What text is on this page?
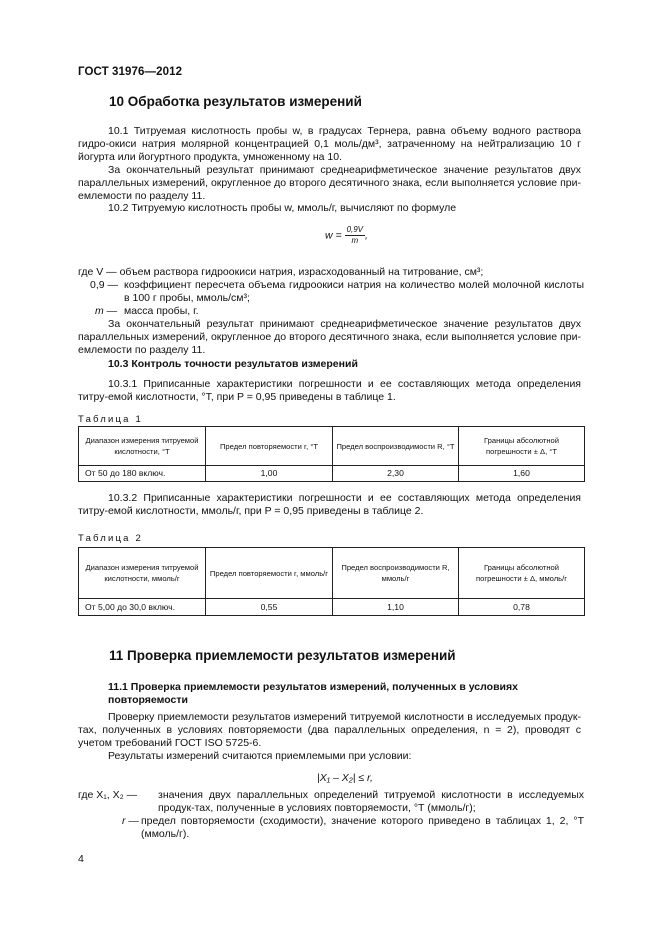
ГОСТ 31976—2012
10 Обработка результатов измерений
10.1 Титруемая кислотность пробы w, в градусах Тернера, равна объему водного раствора гидро-окиси натрия молярной концентрацией 0,1 моль/дм³, затраченному на нейтрализацию 10 г йогурта или йогуртного продукта, умноженному на 10.
За окончательный результат принимают среднеарифметическое значение результатов двух параллельных измерений, округленное до второго десятичного знака, если выполняется условие при-емлемости по разделу 11.
10.2 Титруемую кислотность пробы w, ммоль/г, вычисляют по формуле
$w = \frac{0,9V}{m}$ ,
где V — объем раствора гидроокиси натрия, израсходованный на титрование, см³;
0,9 — коэффициент пересчета объема гидроокиси натрия на количество молей молочной кислоты в 100 г пробы, ммоль/см³;
m — масса пробы, г.
За окончательный результат принимают среднеарифметическое значение результатов двух параллельных измерений, округленное до второго десятичного знака, если выполняется условие при-емлемости по разделу 11.
10.3 Контроль точности результатов измерений
10.3.1 Приписанные характеристики погрешности и ее составляющих метода определения титру-емой кислотности, °Т, при P = 0,95 приведены в таблице 1.
Таблица 1
Диапазон измерения титруемой кислотности, °Т	Предел повторяемости r, °Т	Предел воспроизводимости R, °Т	Границы абсолютной погрешности ± Δ, °Т
От 50 до 180 включ.	1,00	2,30	1,60
10.3.2 Приписанные характеристики погрешности и ее составляющих метода определения титру-емой кислотности, ммоль/г, при P = 0,95 приведены в таблице 2.
Таблица 2
Диапазон измерения титруемой кислотности, ммоль/г	Предел повторяемости r, ммоль/г	Предел воспроизводимости R, ммоль/г	Границы абсолютной погрешности ± Δ, ммоль/г
От 5,00 до 30,0 включ.	0,55	1,10	0,78
11 Проверка приемлемости результатов измерений
11.1 Проверка приемлемости результатов измерений, полученных в условиях повторяемости
Проверку приемлемости результатов измерений титруемой кислотности в исследуемых продук-тах, полученных в условиях повторяемости (два параллельных определения, n = 2), проводят с учетом требований ГОСТ ISO 5725-6.
Результаты измерений считаются приемлемыми при условии:
|X₁ – X₂| ≤ r,
где X₁, X₂ —	значения двух параллельных определений титруемой кислотности в исследуемых продук-тах, полученные в условиях повторяемости, °Т (ммоль/г);
r — предел повторяемости (сходимости), значение которого приведено в таблицах 1, 2, °Т (ммоль/г).
4
